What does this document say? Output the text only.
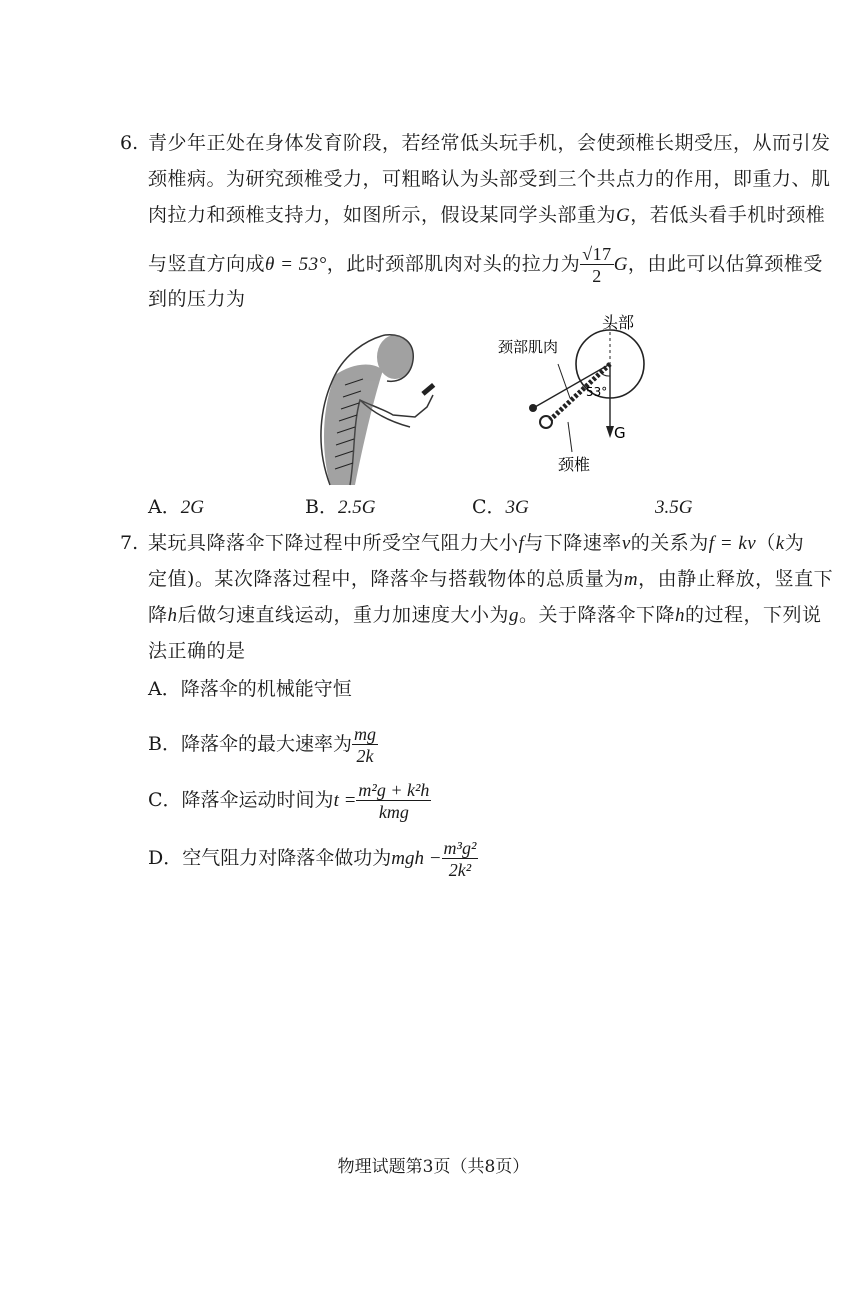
6. 青少年正处在身体发育阶段，若经常低头玩手机，会使颈椎长期受压，从而引发
颈椎病。为研究颈椎受力，可粗略认为头部受到三个共点力的作用，即重力、肌
肉拉力和颈椎支持力，如图所示，假设某同学头部重为G，若低头看手机时颈椎
与竖直方向成θ = 53°，此时颈部肌肉对头的拉力为 $\frac{√17}{2}$ G，由此可以估算颈椎受
到的压力为
头部
颈部肌肉
53°
G
颈椎
A．2G	B．2.5G	C．3G	3.5G
7. 某玩具降落伞下降过程中所受空气阻力大小f与下降速率v的关系为f = kv（k为
定值)。某次降落过程中，降落伞与搭载物体的总质量为m，由静止释放，竖直下
降h后做匀速直线运动，重力加速度大小为g。关于降落伞下降h的过程，下列说
法正确的是
A．降落伞的机械能守恒
B．降落伞的最大速率为 $\frac{mg}{2k}$
C．降落伞运动时间为$t = \frac{\text{m²g + k²h}}{\text{kmg}}$
D．空气阻力对降落伞做功为mgh − $\frac{\text{m³g²}}{\text{2k²}}$
物理试题第3页（共8页）
